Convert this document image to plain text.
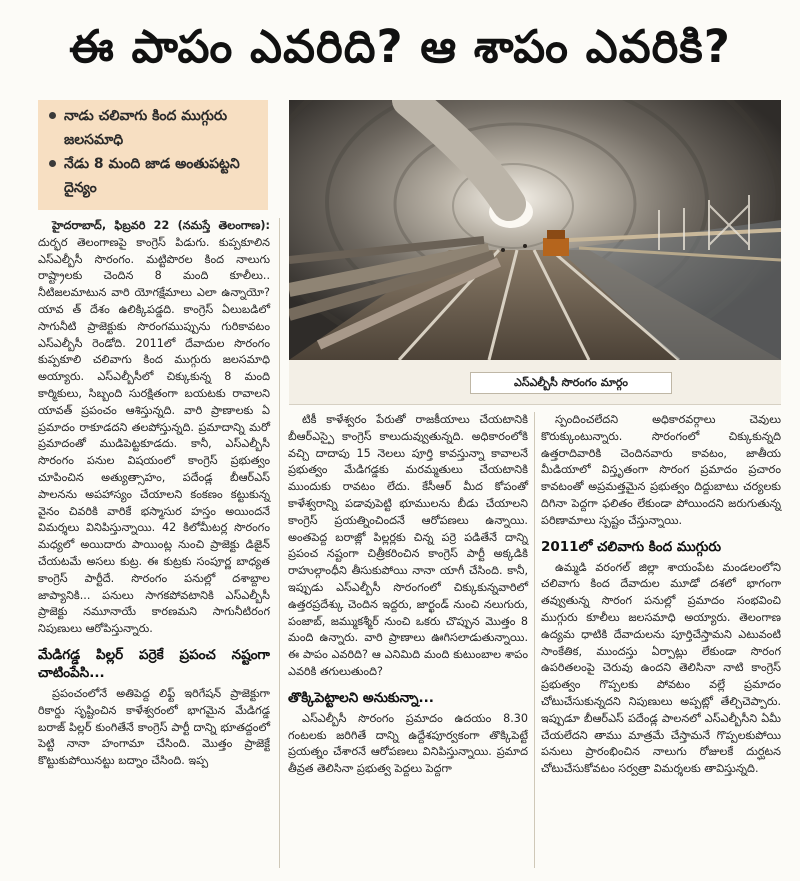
ఈ పాపం ఎవరిది? ఆ శాపం ఎవరికి?
నాడు చలివాగు కింద ముగ్గురు జలసమాధి
నేడు 8 మంది జాడ అంతుపట్టని దైన్యం
ఎస్ఎల్బీసీ సొరంగం మార్గం

హైదరాబాద్, ఫిబ్రవరి 22 (నమస్తే తెలంగాణ): దుర్భర తెలంగాణపై కాంగ్రెస్ పిడుగు. కుప్పకూలిన ఎస్ఎల్బీసీ సొరంగం. మట్టిపొరల కింద నాలుగు రాష్ట్రాలకు చెందిన 8 మంది కూలీలు.. నీటిజలమాటున వారి యోగక్షేమాలు ఎలా ఉన్నాయో? యావ త్ దేశం ఉలిక్కిపడ్డది. కాంగ్రెస్ ఏలుబడిలో సాగునీటి ప్రాజెక్టుకు సొరంగముప్పును గురికావటం ఎస్ఎల్బీసీ రెండోది. 2011లో దేవాదుల సొరంగం కుప్పకూలి చలివాగు కింద ముగ్గురు జలసమాధి అయ్యారు. ఎస్ఎల్బీసీలో చిక్కుకున్న 8 మంది కార్మికులు, సిబ్బంది సురక్షితంగా బయటకు రావాలని యావత్ ప్రపంచం ఆశిస్తున్నది. వారి ప్రాణాలకు ఏ ప్రమాదం రాకూడదని తలపోస్తున్నది. ప్రమాదాన్ని మరో ప్రమాదంతో ముడిపెట్టకూడదు. కానీ, ఎస్ఎల్బీసీ సొరంగం పనుల విషయంలో కాంగ్రెస్ ప్రభుత్వం చూపించిన అత్యుత్సాహం, పదేండ్ల బీఆర్ఎస్ పాలనను అపహాస్యం చేయాలని కంకణం కట్టుకున్న వైనం చివరికి వారికే భస్మాసుర హస్తం అయిందనే విమర్శలు వినిపిస్తున్నాయి. 42 కిలోమీటర్ల సొరంగం మధ్యలో అయిదారు పాయింట్ల నుంచి ప్రాజెక్టు డిజైన్ చేయటమే అసలు కుట్ర. ఈ కుట్రకు సంపూర్ణ బాధ్యత కాంగ్రెస్ పార్టీదే. సొరంగం పనుల్లో దశాబ్దాల జాప్యానికి... పనులు సాగకపోవటానికి ఎస్ఎల్బీసీ ప్రాజెక్టు నమూనాయే కారణమని సాగునీటిరంగ నిపుణులు ఆరోపిస్తున్నారు.

మేడిగడ్డ పిల్లర్ పర్రెకే ప్రపంచ నష్టంగా చాటింపేసి...

ప్రపంచంలోనే అతిపెద్ద లిఫ్ట్ ఇరిగేషన్ ప్రాజెక్టుగా రికార్డు సృష్టించిన కాళేశ్వరంలో భాగమైన మేడిగడ్డ బరాజ్ పిల్లర్ కుంగితేనే కాంగ్రెస్ పార్టీ దాన్ని భూతద్దంలో పెట్టి నానా హంగామా చేసింది. మొత్తం ప్రాజెక్టే కొట్టుకుపోయినట్టు బద్నాం చేసింది. ఇప్ప

టికీ కాళేశ్వరం పేరుతో రాజకీయాలు చేయటానికి బీఆర్ఎస్పై కాంగ్రెస్ కాలుదువ్వుతున్నది. అధికారంలోకి వచ్చి దాదాపు 15 నెలలు పూర్తి కావస్తున్నా కావాలనే ప్రభుత్వం మేడిగడ్డకు మరమ్మతులు చేయటానికి ముందుకు రావటం లేదు. కేసీఆర్ మీద కోపంతో కాళేశ్వరాన్ని పడావుపెట్టి భూములను బీడు చేయాలని కాంగ్రెస్ ప్రయత్నించిందనే ఆరోపణలు ఉన్నాయి. అంతపెద్ద బరాజ్లో పిల్లర్లకు చిన్న పర్రె పడితేనే దాన్ని ప్రపంచ నష్టంగా చిత్రీకరించిన కాంగ్రెస్ పార్టీ అక్కడికి రాహుల్గాంధీని తీసుకుపోయి నానా యాగీ చేసింది. కానీ, ఇప్పుడు ఎస్ఎల్బీసీ సొరంగంలో చిక్కుకున్నవారిలో ఉత్తరప్రదేశ్కు చెందిన ఇద్దరు, జార్ఖండ్ నుంచి నలుగురు, పంజాబ్, జమ్ముకశ్మీర్ నుంచి ఒకరు చొప్పున మొత్తం 8 మంది ఉన్నారు. వారి ప్రాణాలు ఊగిసలాడుతున్నాయి. ఈ పాపం ఎవరిది? ఆ ఎనిమిది మంది కుటుంబాల శాపం ఎవరికి తగులుతుంది?

తొక్కిపెట్టాలని అనుకున్నా...

ఎస్ఎల్బీసీ సొరంగం ప్రమాదం ఉదయం 8.30 గంటలకు జరిగితే దాన్ని ఉద్దేశపూర్వకంగా తొక్కిపెట్టే ప్రయత్నం చేశారనే ఆరోపణలు వినిపిస్తున్నాయి. ప్రమాద తీవ్రత తెలిసినా ప్రభుత్వ పెద్దలు పెద్దగా

స్పందించలేదని అధికారవర్గాలు చెవులు కొరుక్కుంటున్నారు. సొరంగంలో చిక్కుకున్నది ఉత్తరాదివారికి చెందినవారు కావటం, జాతీయ మీడియాలో విస్తృతంగా సొరంగ ప్రమాదం ప్రచారం కావటంతో అప్రమత్తమైన ప్రభుత్వం దిద్దుబాటు చర్యలకు దిగినా పెద్దగా ఫలితం లేకుండా పోయిందని జరుగుతున్న పరిణామాలు స్పష్టం చేస్తున్నాయి.

2011లో చలివాగు కింద ముగ్గురు

ఉమ్మడి వరంగల్ జిల్లా శాయంపేట మండలంలోని చలివాగు కింద దేవాదుల మూడో దశలో భాగంగా తవ్వుతున్న సొరంగ పనుల్లో ప్రమాదం సంభవించి ముగ్గురు కూలీలు జలసమాధి అయ్యారు. తెలంగాణ ఉద్యమ ధాటికి దేవాదులను పూర్తిచేస్తామని ఎటువంటి సాంకేతిక, ముందస్తు ఏర్పాట్లు లేకుండా సొరంగ ఉపరితలంపై చెరువు ఉందని తెలిసినా నాటి కాంగ్రెస్ ప్రభుత్వం గొప్పలకు పోవటం వల్లే ప్రమాదం చోటుచేసుకున్నదని నిపుణులు అప్పట్లో తేల్చిచెప్పారు. ఇప్పుడూ బీఆర్ఎస్ పదేండ్ల పాలనలో ఎస్ఎల్బీసీని ఏమీ చేయలేదని తాము మాత్రమే చేస్తామనే గొప్పలకుపోయి పనులు ప్రారంభించిన నాలుగు రోజులకే దుర్ఘటన చోటుచేసుకోవటం సర్వత్రా విమర్శలకు తావిస్తున్నది.
